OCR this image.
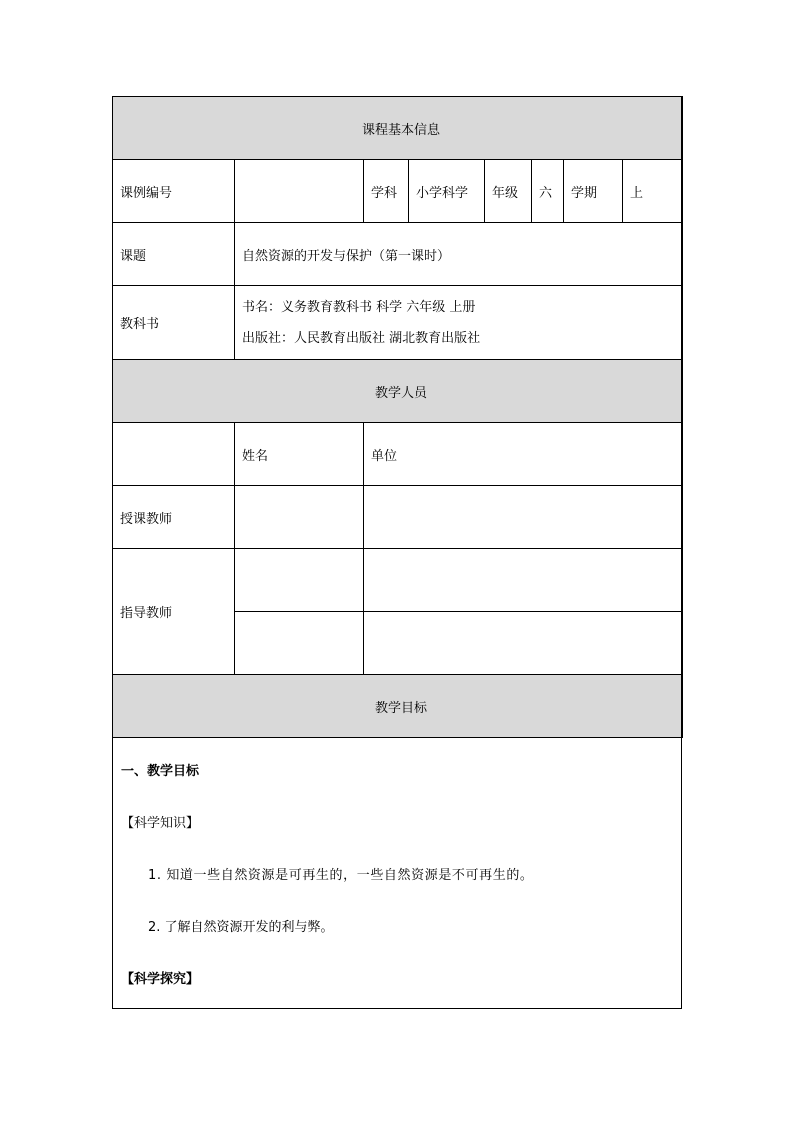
课程基本信息							
课例编号		学科	小学科学	年级	六	学期	上
课题	自然资源的开发与保护（第一课时）						
教科书	书名：义务教育教科书 科学 六年级 上册
出版社：人民教育出版社 湖北教育出版社						

教学人员							
	姓名	单位					
授课教师							
指导教师							

教学目标							
一、教学目标
【科学知识】
1. 知道一些自然资源是可再生的，一些自然资源是不可再生的。
2. 了解自然资源开发的利与弊。
【科学探究】
